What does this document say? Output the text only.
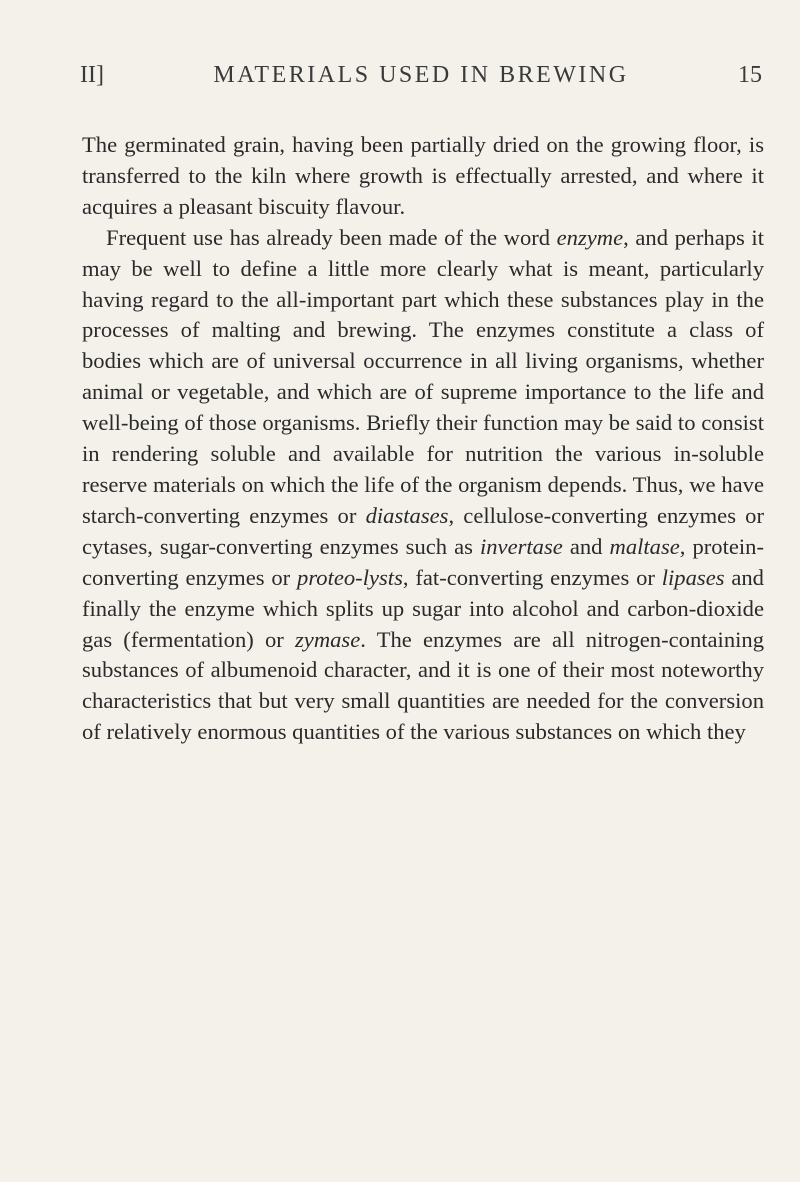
II]	MATERIALS USED IN BREWING	15

The germinated grain, having been partially dried on the growing floor, is transferred to the kiln where growth is effectually arrested, and where it acquires a pleasant biscuity flavour.

Frequent use has already been made of the word enzyme, and perhaps it may be well to define a little more clearly what is meant, particularly having regard to the all-important part which these substances play in the processes of malting and brewing. The enzymes constitute a class of bodies which are of universal occurrence in all living organisms, whether animal or vegetable, and which are of supreme importance to the life and well-being of those organisms. Briefly their function may be said to consist in rendering soluble and available for nutrition the various in-soluble reserve materials on which the life of the organism depends. Thus, we have starch-converting enzymes or diastases, cellulose-converting enzymes or cytases, sugar-converting enzymes such as invertase and maltase, protein-converting enzymes or proteo-lysts, fat-converting enzymes or lipases and finally the enzyme which splits up sugar into alcohol and carbon-dioxide gas (fermentation) or zymase. The enzymes are all nitrogen-containing substances of albumenoid character, and it is one of their most noteworthy characteristics that but very small quantities are needed for the conversion of relatively enormous quantities of the various substances on which they
